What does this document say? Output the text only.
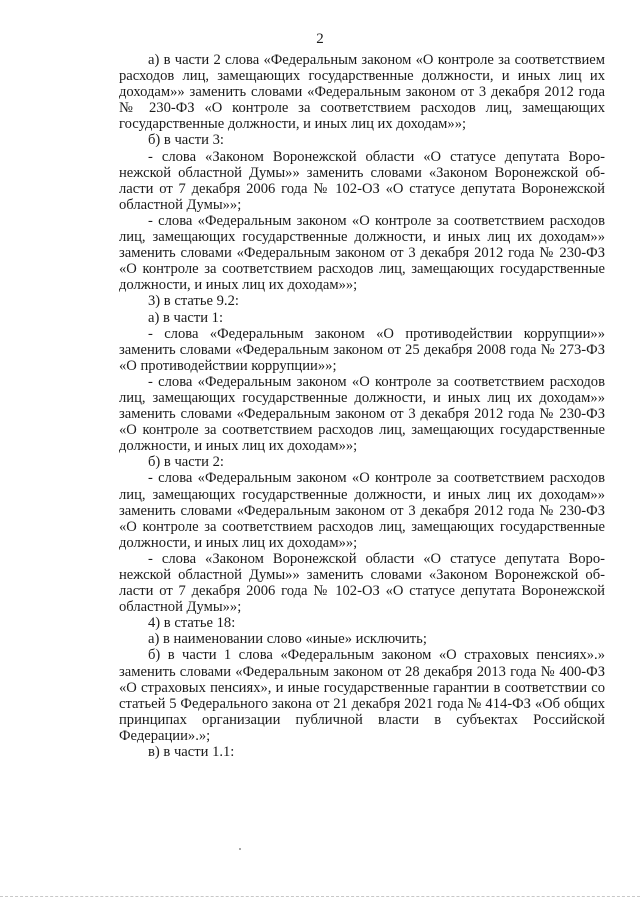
2

а) в части 2 слова «Федеральным законом «О контроле за соответствием расходов лиц, замещающих государственные должности, и иных лиц их доходам»» заменить словами «Федеральным законом от 3 декабря 2012 года № 230-ФЗ «О контроле за соответствием расходов лиц, замещающих государственные должности, и иных лиц их доходам»»;

б) в части 3:

- слова «Законом Воронежской области «О статусе депутата Воронежской областной Думы»» заменить словами «Законом Воронежской области от 7 декабря 2006 года № 102-ОЗ «О статусе депутата Воронежской областной Думы»»;

- слова «Федеральным законом «О контроле за соответствием расходов лиц, замещающих государственные должности, и иных лиц их доходам»» заменить словами «Федеральным законом от 3 декабря 2012 года № 230-ФЗ «О контроле за соответствием расходов лиц, замещающих государственные должности, и иных лиц их доходам»»;

3) в статье 9.2:

а) в части 1:

- слова «Федеральным законом «О противодействии коррупции»» заменить словами «Федеральным законом от 25 декабря 2008 года № 273-ФЗ «О противодействии коррупции»»;

- слова «Федеральным законом «О контроле за соответствием расходов лиц, замещающих государственные должности, и иных лиц их доходам»» заменить словами «Федеральным законом от 3 декабря 2012 года № 230-ФЗ «О контроле за соответствием расходов лиц, замещающих государственные должности, и иных лиц их доходам»»;

б) в части 2:

- слова «Федеральным законом «О контроле за соответствием расходов лиц, замещающих государственные должности, и иных лиц их доходам»» заменить словами «Федеральным законом от 3 декабря 2012 года № 230-ФЗ «О контроле за соответствием расходов лиц, замещающих государственные должности, и иных лиц их доходам»»;

- слова «Законом Воронежской области «О статусе депутата Воронежской областной Думы»» заменить словами «Законом Воронежской области от 7 декабря 2006 года № 102-ОЗ «О статусе депутата Воронежской областной Думы»»;

4) в статье 18:

а) в наименовании слово «иные» исключить;

б) в части 1 слова «Федеральным законом «О страховых пенсиях».» заменить словами «Федеральным законом от 28 декабря 2013 года № 400-ФЗ «О страховых пенсиях», и иные государственные гарантии в соответствии со статьей 5 Федерального закона от 21 декабря 2021 года № 414-ФЗ «Об общих принципах организации публичной власти в субъектах Российской Федерации».»;

в) в части 1.1:
